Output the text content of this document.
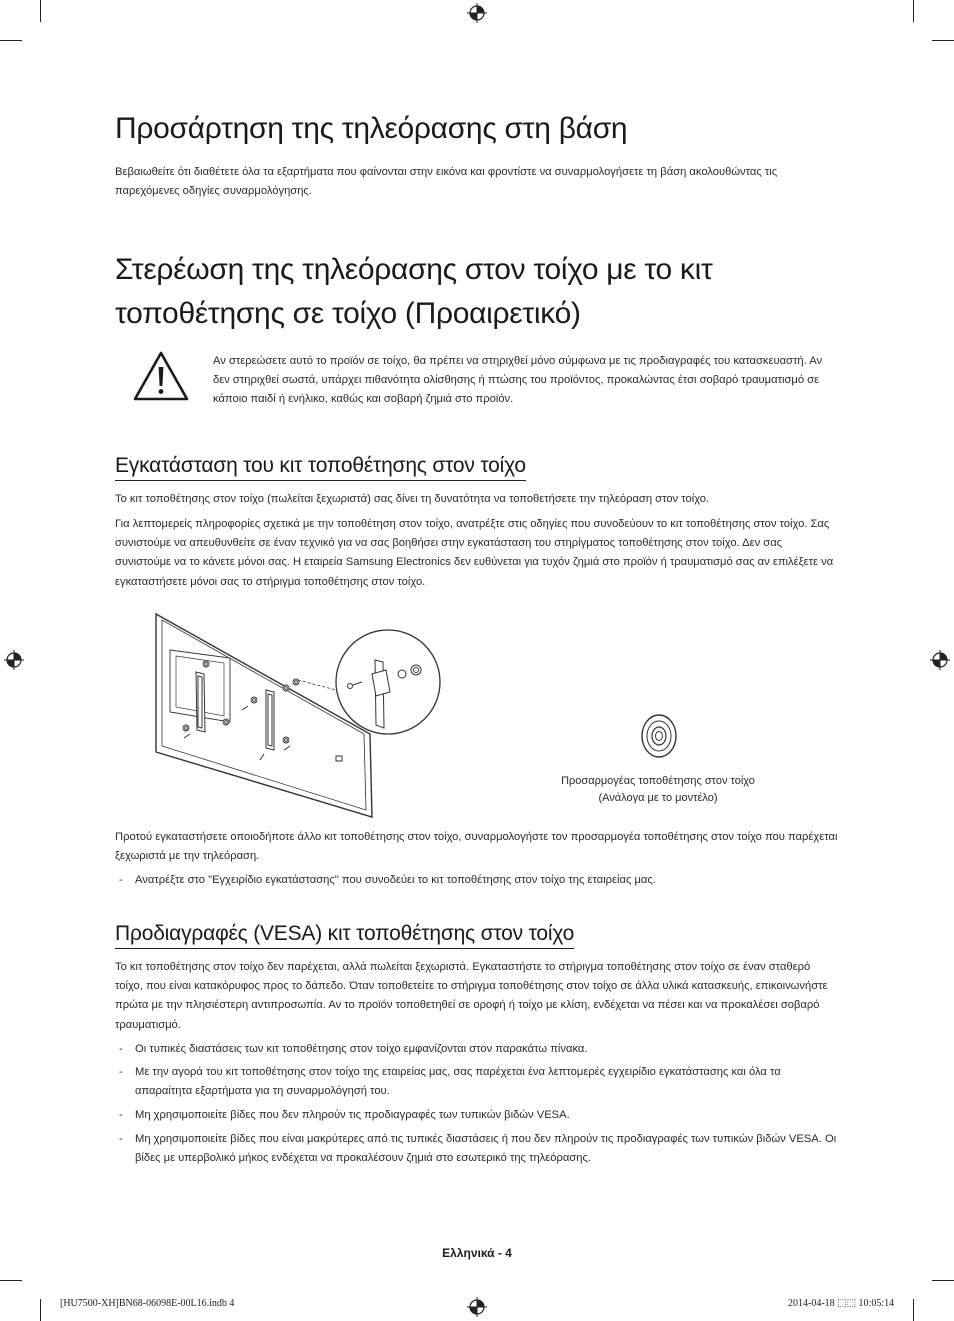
Προσάρτηση της τηλεόρασης στη βάση

Βεβαιωθείτε ότι διαθέτετε όλα τα εξαρτήματα που φαίνονται στην εικόνα και φροντίστε να συναρμολογήσετε τη βάση ακολουθώντας τις παρεχόμενες οδηγίες συναρμολόγησης.

Στερέωση της τηλεόρασης στον τοίχο με το κιτ τοποθέτησης σε τοίχο (Προαιρετικό)
Αν στερεώσετε αυτό το προϊόν σε τοίχο, θα πρέπει να στηριχθεί μόνο σύμφωνα με τις προδιαγραφές του κατασκευαστή. Αν δεν στηριχθεί σωστά, υπάρχει πιθανότητα ολίσθησης ή πτώσης του προϊόντος, προκαλώντας έτσι σοβαρό τραυματισμό σε κάποιο παιδί ή ενήλικο, καθώς και σοβαρή ζημιά στο προϊόν.
Εγκατάσταση του κιτ τοποθέτησης στον τοίχο

Το κιτ τοποθέτησης στον τοίχο (πωλείται ξεχωριστά) σας δίνει τη δυνατότητα να τοποθετήσετε την τηλεόραση στον τοίχο.

Για λεπτομερείς πληροφορίες σχετικά με την τοποθέτηση στον τοίχο, ανατρέξτε στις οδηγίες που συνοδεύουν το κιτ τοποθέτησης στον τοίχο. Σας συνιστούμε να απευθυνθείτε σε έναν τεχνικό για να σας βοηθήσει στην εγκατάσταση του στηρίγματος τοποθέτησης στον τοίχο. Δεν σας συνιστούμε να το κάνετε μόνοι σας. Η εταιρεία Samsung Electronics δεν ευθύνεται για τυχόν ζημιά στο προϊόν ή τραυματισμό σας αν επιλέξετε να εγκαταστήσετε μόνοι σας το στήριγμα τοποθέτησης στον τοίχο.

Προσαρμογέας τοποθέτησης στον τοίχο
(Ανάλογα με το μοντέλο)

Προτού εγκαταστήσετε οποιοδήποτε άλλο κιτ τοποθέτησης στον τοίχο, συναρμολογήστε τον προσαρμογέα τοποθέτησης στον τοίχο που παρέχεται ξεχωριστά με την τηλεόραση.

- Ανατρέξτε στο "Εγχειρίδιο εγκατάστασης" που συνοδεύει το κιτ τοποθέτησης στον τοίχο της εταιρείας μας.
Προδιαγραφές (VESA) κιτ τοποθέτησης στον τοίχο

Το κιτ τοποθέτησης στον τοίχο δεν παρέχεται, αλλά πωλείται ξεχωριστά. Εγκαταστήστε το στήριγμα τοποθέτησης στον τοίχο σε έναν σταθερό τοίχο, που είναι κατακόρυφος προς το δάπεδο. Όταν τοποθετείτε το στήριγμα τοποθέτησης στον τοίχο σε άλλα υλικά κατασκευής, επικοινωνήστε πρώτα με την πλησιέστερη αντιπροσωπία. Αν το προϊόν τοποθετηθεί σε οροφή ή τοίχο με κλίση, ενδέχεται να πέσει και να προκαλέσει σοβαρό τραυματισμό.

- Οι τυπικές διαστάσεις των κιτ τοποθέτησης στον τοίχο εμφανίζονται στον παρακάτω πίνακα.
- Με την αγορά του κιτ τοποθέτησης στον τοίχο της εταιρείας μας, σας παρέχεται ένα λεπτομερές εγχειρίδιο εγκατάστασης και όλα τα απαραίτητα εξαρτήματα για τη συναρμολόγησή του.
- Μη χρησιμοποιείτε βίδες που δεν πληρούν τις προδιαγραφές των τυπικών βιδών VESA.
- Μη χρησιμοποιείτε βίδες που είναι μακρύτερες από τις τυπικές διαστάσεις ή που δεν πληρούν τις προδιαγραφές των τυπικών βιδών VESA. Οι βίδες με υπερβολικό μήκος ενδέχεται να προκαλέσουν ζημιά στο εσωτερικό της τηλεόρασης.
Ελληνικά - 4
[HU7500-XH]BN68-06098E-00L16.indb 4	2014-04-18 ⬚⬚ 10:05:14
